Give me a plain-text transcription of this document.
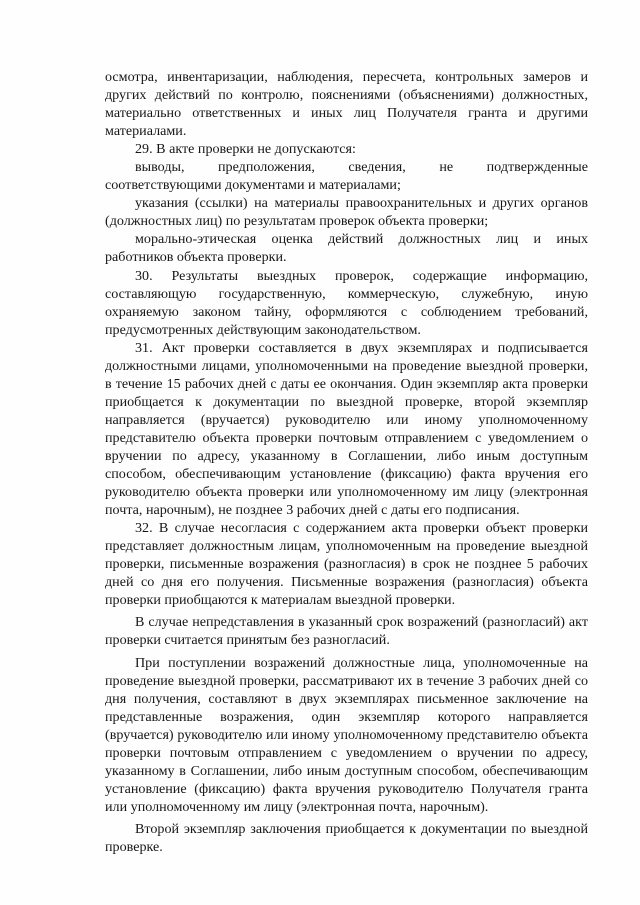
осмотра, инвентаризации, наблюдения, пересчета, контрольных замеров и других действий по контролю, пояснениями (объяснениями) должностных, материально ответственных и иных лиц Получателя гранта и другими материалами.

29. В акте проверки не допускаются:

выводы, предположения, сведения, не подтвержденные соответствующими документами и материалами;

указания (ссылки) на материалы правоохранительных и других органов (должностных лиц) по результатам проверок объекта проверки;

морально-этическая оценка действий должностных лиц и иных работников объекта проверки.

30. Результаты выездных проверок, содержащие информацию, составляющую государственную, коммерческую, служебную, иную охраняемую законом тайну, оформляются с соблюдением требований, предусмотренных действующим законодательством.

31. Акт проверки составляется в двух экземплярах и подписывается должностными лицами, уполномоченными на проведение выездной проверки, в течение 15 рабочих дней с даты ее окончания. Один экземпляр акта проверки приобщается к документации по выездной проверке, второй экземпляр направляется (вручается) руководителю или иному уполномоченному представителю объекта проверки почтовым отправлением с уведомлением о вручении по адресу, указанному в Соглашении, либо иным доступным способом, обеспечивающим установление (фиксацию) факта вручения его руководителю объекта проверки или уполномоченному им лицу (электронная почта, нарочным), не позднее 3 рабочих дней с даты его подписания.

32. В случае несогласия с содержанием акта проверки объект проверки представляет должностным лицам, уполномоченным на проведение выездной проверки, письменные возражения (разногласия) в срок не позднее 5 рабочих дней со дня его получения. Письменные возражения (разногласия) объекта проверки приобщаются к материалам выездной проверки.

В случае непредставления в указанный срок возражений (разногласий) акт проверки считается принятым без разногласий.

При поступлении возражений должностные лица, уполномоченные на проведение выездной проверки, рассматривают их в течение 3 рабочих дней со дня получения, составляют в двух экземплярах письменное заключение на представленные возражения, один экземпляр которого направляется (вручается) руководителю или иному уполномоченному представителю объекта проверки почтовым отправлением с уведомлением о вручении по адресу, указанному в Соглашении, либо иным доступным способом, обеспечивающим установление (фиксацию) факта вручения руководителю Получателя гранта или уполномоченному им лицу (электронная почта, нарочным).

Второй экземпляр заключения приобщается к документации по выездной проверке.
